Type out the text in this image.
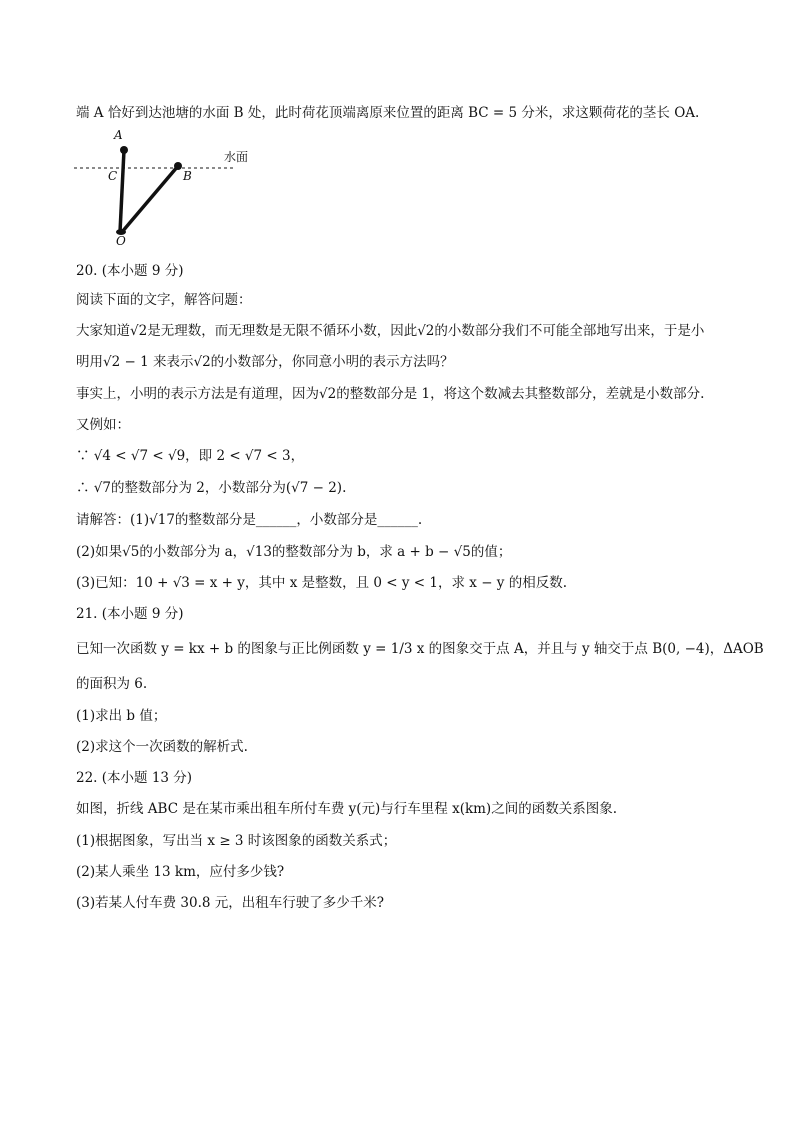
端 A 恰好到达池塘的水面 B 处，此时荷花顶端离原来位置的距离 BC = 5 分米，求这颗荷花的茎长 OA.
水面
A
B
C
O
20. (本小题 9 分)
阅读下面的文字，解答问题：
大家知道√2是无理数，而无理数是无限不循环小数，因此√2的小数部分我们不可能全部地写出来，于是小
明用√2 − 1 来表示√2的小数部分，你同意小明的表示方法吗？
事实上，小明的表示方法是有道理，因为√2的整数部分是 1，将这个数减去其整数部分，差就是小数部分.
又例如：
∵ √4 < √7 < √9，即 2 < √7 < 3，
∴ √7的整数部分为 2，小数部分为(√7 − 2).
请解答：(1)√17的整数部分是______，小数部分是______.
(2)如果√5的小数部分为 a，√13的整数部分为 b，求 a + b − √5的值；
(3)已知：10 + √3 = x + y，其中 x 是整数，且 0 < y < 1，求 x − y 的相反数.
21. (本小题 9 分)
已知一次函数 y = kx + b 的图象与正比例函数 y = 1/3 x 的图象交于点 A，并且与 y 轴交于点 B(0, −4)，ΔAOB
的面积为 6.
(1)求出 b 值；
(2)求这个一次函数的解析式.
22. (本小题 13 分)
如图，折线 ABC 是在某市乘出租车所付车费 y(元)与行车里程 x(km)之间的函数关系图象.
(1)根据图象，写出当 x ≥ 3 时该图象的函数关系式；
(2)某人乘坐 13 km，应付多少钱?
(3)若某人付车费 30.8 元，出租车行驶了多少千米?
